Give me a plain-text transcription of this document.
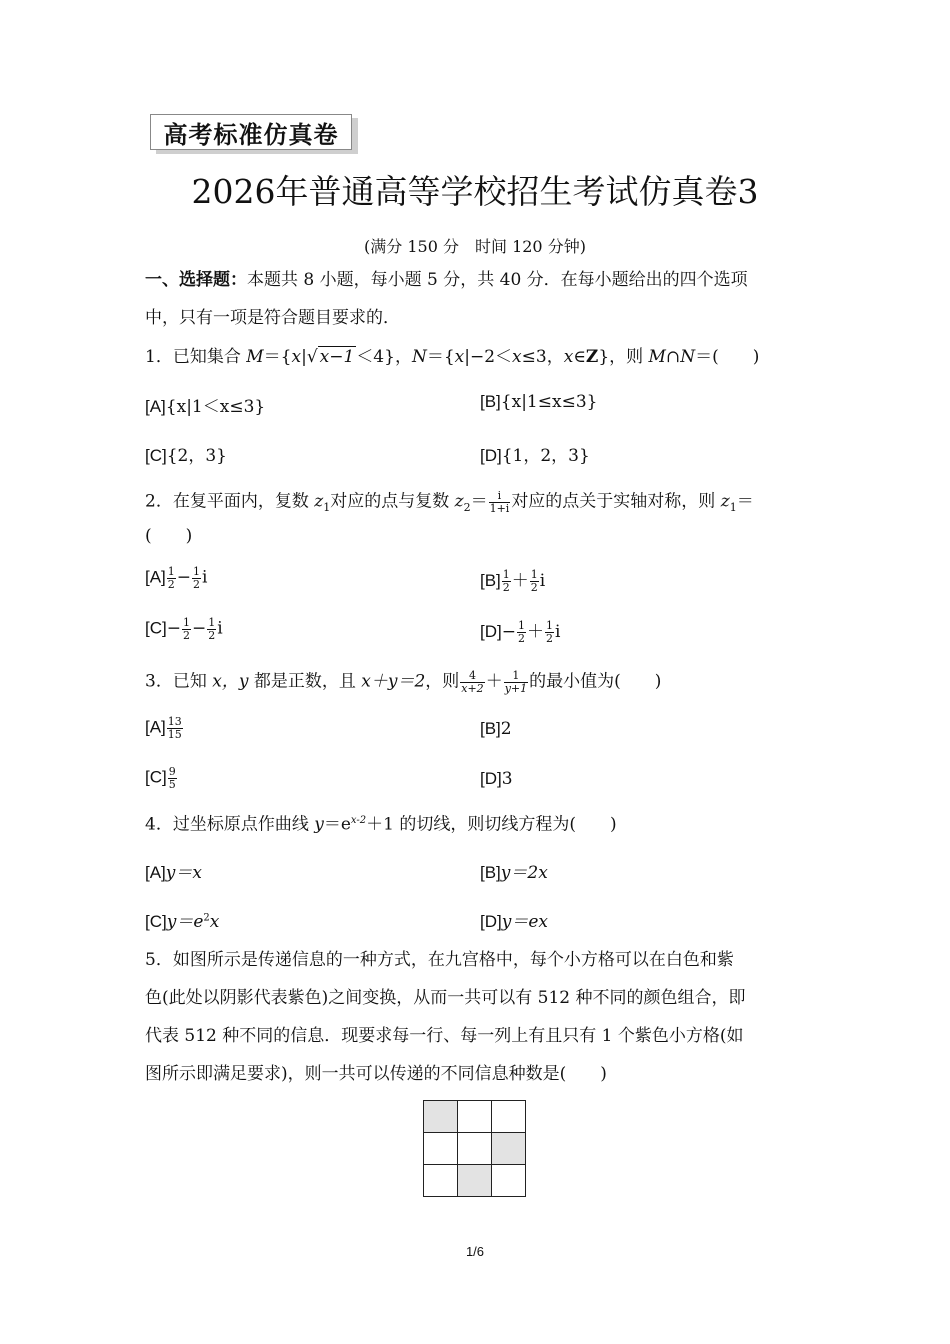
高考标准仿真卷
2026年普通高等学校招生考试仿真卷3
(满分 150 分　时间 120 分钟)
一、选择题：本题共 8 小题，每小题 5 分，共 40 分．在每小题给出的四个选项
中，只有一项是符合题目要求的．
1．已知集合 M＝{x|√ x−1 ＜4}，N＝{x|−2＜x≤3，x∈Z}，则 M∩N＝(　　)
[A]{x|1＜x≤3}	[B]{x|1≤x≤3}
[C]{2，3}	[D]{1，2，3}
2．在复平面内，复数 $z_1$对应的点与复数 $z_2= \frac{i}{1+i}$ 对应的点关于实轴对称，则 $z_1=$
(　　)
$[A] \frac{1}{2} - \frac{1}{2}$ i	$[B] \frac{1}{2} + \frac{1}{2}$ i
$[C]- \frac{1}{2} - \frac{1}{2}$ i	$[D]- \frac{1}{2} + \frac{1}{2}$ i
3．已知 x，y 都是正数，且 x＋y＝2，则 $\frac{4}{x+2} + \frac{1}{y+1}$ 的最小值为(　　)
$[A] \frac{13}{15}$	[B]2
$[C] \frac{9}{5}$	[D]3
4．过坐标原点作曲线 $y=e^{x-2}+1$ 的切线，则切线方程为(　　)
[A]y＝x	[B]y＝2x
$[C]y=e^2x$	[D]y＝ex
5．如图所示是传递信息的一种方式，在九宫格中，每个小方格可以在白色和紫
色(此处以阴影代表紫色)之间变换，从而一共可以有 512 种不同的颜色组合，即
代表 512 种不同的信息．现要求每一行、每一列上有且只有 1 个紫色小方格(如
图所示即满足要求)，则一共可以传递的不同信息种数是(　　)
1/6
